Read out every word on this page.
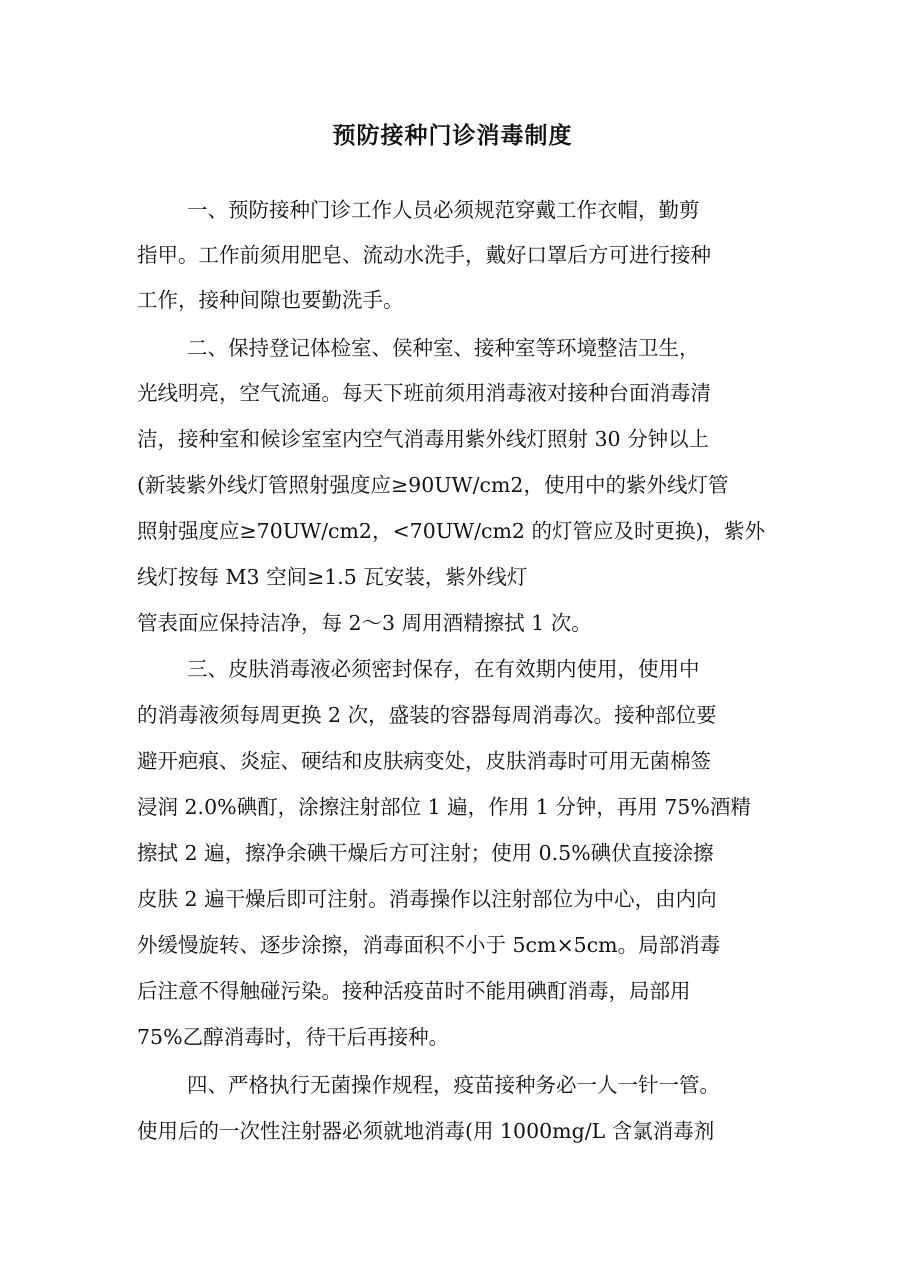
预防接种门诊消毒制度
一、预防接种门诊工作人员必须规范穿戴工作衣帽，勤剪
指甲。工作前须用肥皂、流动水洗手，戴好口罩后方可进行接种
工作，接种间隙也要勤洗手。
二、保持登记体检室、侯种室、接种室等环境整洁卫生，
光线明亮，空气流通。每天下班前须用消毒液对接种台面消毒清
洁，接种室和候诊室室内空气消毒用紫外线灯照射 30 分钟以上
(新装紫外线灯管照射强度应≥90UW/cm2，使用中的紫外线灯管
照射强度应≥70UW/cm2，<70UW/cm2 的灯管应及时更换)，紫外
线灯按每 M3 空间≥1.5 瓦安装，紫外线灯
管表面应保持洁净，每 2～3 周用酒精擦拭 1 次。
三、皮肤消毒液必须密封保存，在有效期内使用，使用中
的消毒液须每周更换 2 次，盛装的容器每周消毒次。接种部位要
避开疤痕、炎症、硬结和皮肤病变处，皮肤消毒时可用无菌棉签
浸润 2.0%碘酊，涂擦注射部位 1 遍，作用 1 分钟，再用 75%酒精
擦拭 2 遍，擦净余碘干燥后方可注射；使用 0.5%碘伏直接涂擦
皮肤 2 遍干燥后即可注射。消毒操作以注射部位为中心，由内向
外缓慢旋转、逐步涂擦，消毒面积不小于 5cm×5cm。局部消毒
后注意不得触碰污染。接种活疫苗时不能用碘酊消毒，局部用
75%乙醇消毒时，待干后再接种。
四、严格执行无菌操作规程，疫苗接种务必一人一针一管。
使用后的一次性注射器必须就地消毒(用 1000mg/L 含氯消毒剂
